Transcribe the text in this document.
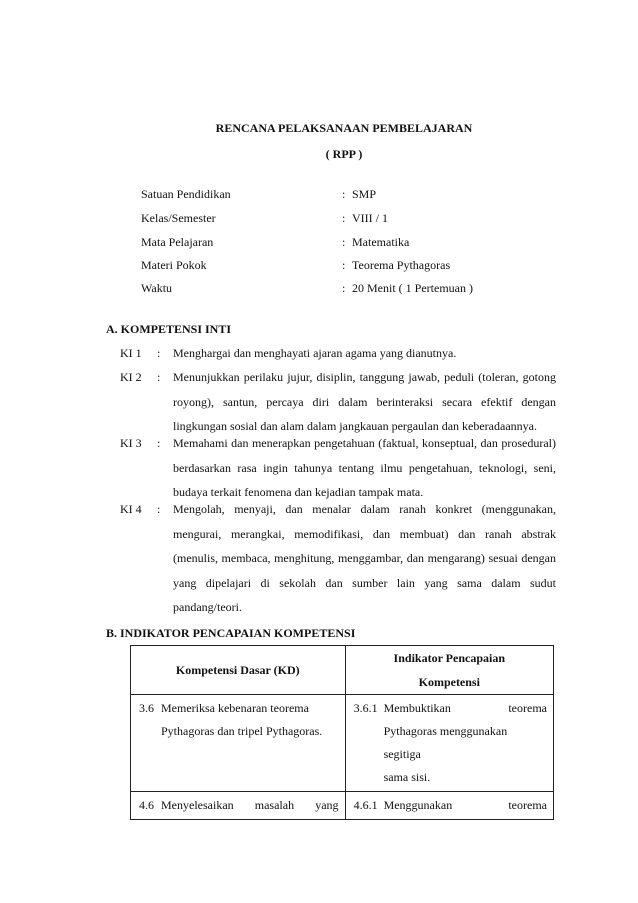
RENCANA PELAKSANAAN PEMBELAJARAN
( RPP )
Satuan Pendidikan	: SMP
Kelas/Semester	: VIII / 1
Mata Pelajaran	: Matematika
Materi Pokok	: Teorema Pythagoras
Waktu	: 20 Menit ( 1 Pertemuan )
A. KOMPETENSI INTI
KI 1 : Menghargai dan menghayati ajaran agama yang dianutnya.
KI 2 : Menunjukkan perilaku jujur, disiplin, tanggung jawab, peduli (toleran, gotong
royong), santun, percaya diri dalam berinteraksi secara efektif dengan
lingkungan sosial dan alam dalam jangkauan pergaulan dan keberadaannya.
KI 3 : Memahami dan menerapkan pengetahuan (faktual, konseptual, dan prosedural)
berdasarkan rasa ingin tahunya tentang ilmu pengetahuan, teknologi, seni,
budaya terkait fenomena dan kejadian tampak mata.
KI 4 : Mengolah, menyaji, dan menalar dalam ranah konkret (menggunakan,
mengurai, merangkai, memodifikasi, dan membuat) dan ranah abstrak
(menulis, membaca, menghitung, menggambar, dan mengarang) sesuai dengan
yang dipelajari di sekolah dan sumber lain yang sama dalam sudut
pandang/teori.
B. INDIKATOR PENCAPAIAN KOMPETENSI
Kompetensi Dasar (KD)	Indikator Pencapaian
Kompetensi

3.6 Memeriksa kebenaran teorema
Pythagoras dan tripel Pythagoras.	3.6.1 Membuktikan teorema
Pythagoras menggunakan segitiga
sama sisi.

4.6 Menyelesaikan masalah yang	4.6.1 Menggunakan teorema
